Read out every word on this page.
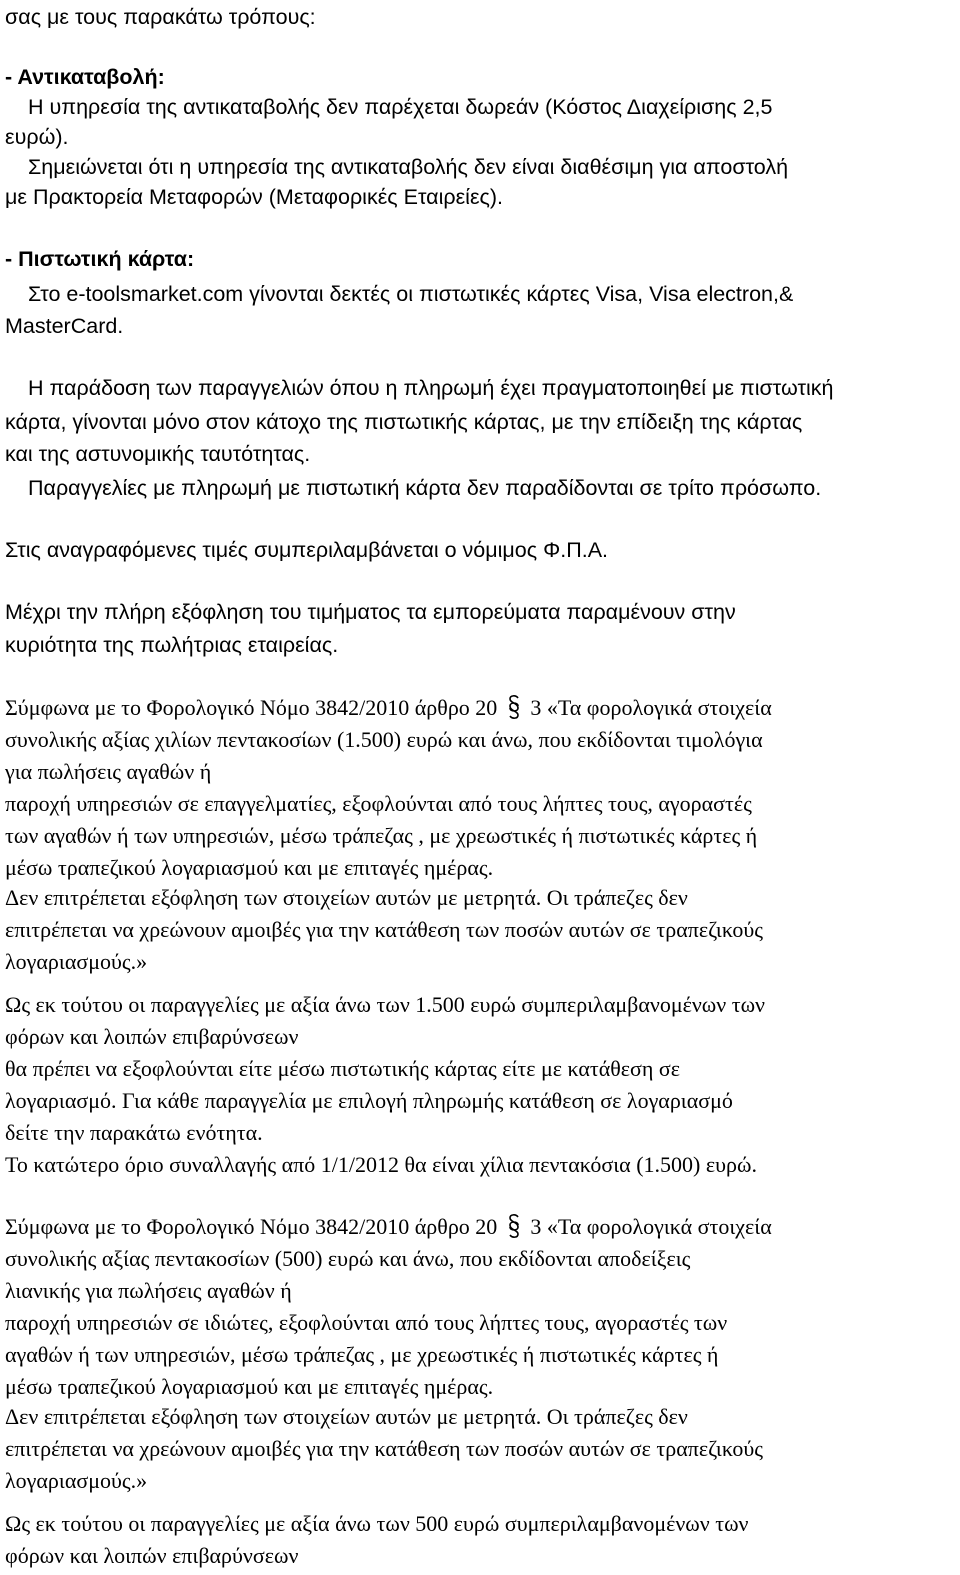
σας με τους παρακάτω τρόπους:
- Αντικαταβολή:
Η υπηρεσία της αντικαταβολής δεν παρέχεται δωρεάν (Κόστος Διαχείρισης 2,5
ευρώ).
Σημειώνεται ότι η υπηρεσία της αντικαταβολής δεν είναι διαθέσιμη για αποστολή
με Πρακτορεία Μεταφορών (Μεταφορικές Εταιρείες).
- Πιστωτική κάρτα:
Στο e-toolsmarket.com γίνονται δεκτές οι πιστωτικές κάρτες Visa, Visa electron,&
MasterCard.
Η παράδοση των παραγγελιών όπου η πληρωμή έχει πραγματοποιηθεί με πιστωτική
κάρτα, γίνονται μόνο στον κάτοχο της πιστωτικής κάρτας, με την επίδειξη της κάρτας
και της αστυνομικής ταυτότητας.
Παραγγελίες με πληρωμή με πιστωτική κάρτα δεν παραδίδονται σε τρίτο πρόσωπο.
Στις αναγραφόμενες τιμές συμπεριλαμβάνεται ο νόμιμος Φ.Π.Α.
Μέχρι την πλήρη εξόφληση του τιμήματος τα εμπορεύματα παραμένουν στην
κυριότητα της πωλήτριας εταιρείας.
Σύμφωνα με το Φορολογικό Νόμο 3842/2010 άρθρο 20 3 «Τα φορολογικά στοιχεία
συνολικής αξίας χιλίων πεντακοσίων (1.500) ευρώ και άνω, που εκδίδονται τιμολόγια
για πωλήσεις αγαθών ή
παροχή υπηρεσιών σε επαγγελματίες, εξοφλούνται από τους λήπτες τους, αγοραστές
των αγαθών ή των υπηρεσιών, μέσω τράπεζας , με χρεωστικές ή πιστωτικές κάρτες ή
μέσω τραπεζικού λογαριασμού και με επιταγές ημέρας.
Δεν επιτρέπεται εξόφληση των στοιχείων αυτών με μετρητά. Οι τράπεζες δεν
επιτρέπεται να χρεώνουν αμοιβές για την κατάθεση των ποσών αυτών σε τραπεζικούς
λογαριασμούς.»
Ως εκ τούτου οι παραγγελίες με αξία άνω των 1.500 ευρώ συμπεριλαμβανομένων των
φόρων και λοιπών επιβαρύνσεων
θα πρέπει να εξοφλούνται είτε μέσω πιστωτικής κάρτας είτε με κατάθεση σε
λογαριασμό. Για κάθε παραγγελία με επιλογή πληρωμής κατάθεση σε λογαριασμό
δείτε την παρακάτω ενότητα.
Το κατώτερο όριο συναλλαγής από 1/1/2012 θα είναι χίλια πεντακόσια (1.500) ευρώ.
Σύμφωνα με το Φορολογικό Νόμο 3842/2010 άρθρο 20 3 «Τα φορολογικά στοιχεία
συνολικής αξίας πεντακοσίων (500) ευρώ και άνω, που εκδίδονται αποδείξεις
λιανικής για πωλήσεις αγαθών ή
παροχή υπηρεσιών σε ιδιώτες, εξοφλούνται από τους λήπτες τους, αγοραστές των
αγαθών ή των υπηρεσιών, μέσω τράπεζας , με χρεωστικές ή πιστωτικές κάρτες ή
μέσω τραπεζικού λογαριασμού και με επιταγές ημέρας.
Δεν επιτρέπεται εξόφληση των στοιχείων αυτών με μετρητά. Οι τράπεζες δεν
επιτρέπεται να χρεώνουν αμοιβές για την κατάθεση των ποσών αυτών σε τραπεζικούς
λογαριασμούς.»
Ως εκ τούτου οι παραγγελίες με αξία άνω των 500 ευρώ συμπεριλαμβανομένων των
φόρων και λοιπών επιβαρύνσεων
